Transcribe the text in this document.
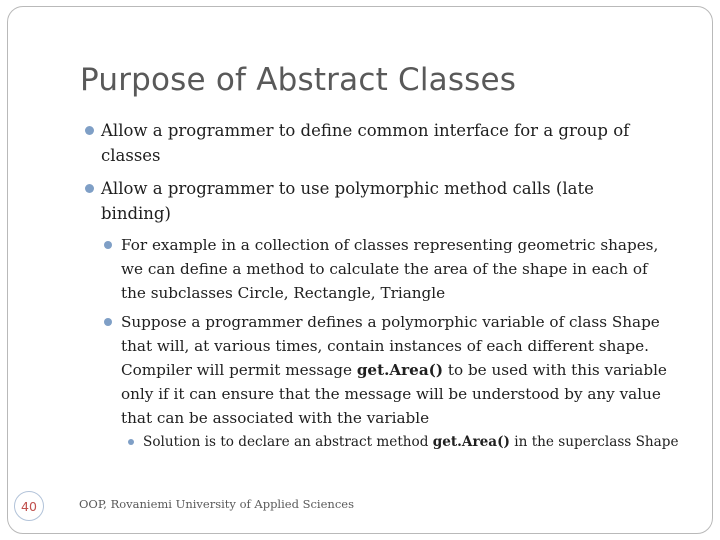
Purpose of Abstract Classes
Allow a programmer to define common interface for a group of classes
Allow a programmer to use polymorphic method calls (late binding)
For example in a collection of classes representing geometric shapes, we can define a method to calculate the area of the shape in each of the subclasses Circle, Rectangle, Triangle
Suppose a programmer defines a polymorphic variable of class Shape that will, at various times, contain instances of each different shape. Compiler will permit message get.Area() to be used with this variable only if it can ensure that the message will be understood by any value that can be associated with the variable
Solution is to declare an abstract method get.Area() in the superclass Shape
40	OOP, Rovaniemi University of Applied Sciences
